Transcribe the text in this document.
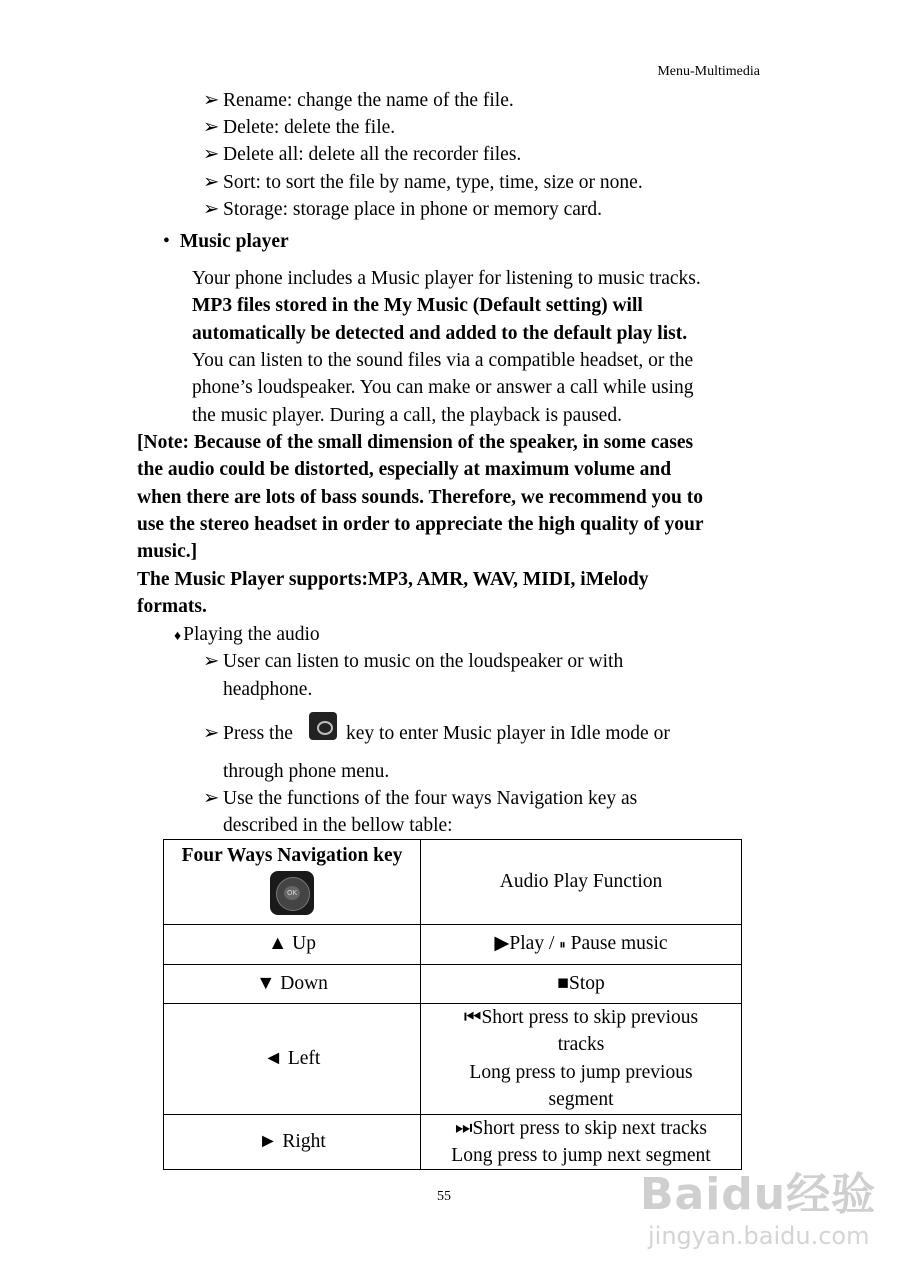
Menu-Multimedia
➢ Rename: change the name of the file.
➢ Delete: delete the file.
➢ Delete all: delete all the recorder files.
➢ Sort: to sort the file by name, type, time, size or none.
➢ Storage: storage place in phone or memory card.
• Music player
Your phone includes a Music player for listening to music tracks.
MP3 files stored in the My Music (Default setting) will
automatically be detected and added to the default play list.
You can listen to the sound files via a compatible headset, or the
phone’s loudspeaker. You can make or answer a call while using
the music player. During a call, the playback is paused.
[Note: Because of the small dimension of the speaker, in some cases
the audio could be distorted, especially at maximum volume and
when there are lots of bass sounds. Therefore, we recommend you to
use the stereo headset in order to appreciate the high quality of your
music.]
The Music Player supports:MP3, AMR, WAV, MIDI, iMelody
formats.
♦ Playing the audio
➢ User can listen to music on the loudspeaker or with
headphone.
➢ Press the	key to enter Music player in Idle mode or
through phone menu.
➢ Use the functions of the four ways Navigation key as
described in the bellow table:
Four Ways Navigation key
OK	Audio Play Function
▲ Up	▶Play / ⏸ Pause music
▼ Down	■Stop
◄ Left	⏮Short press to skip previous
tracks
Long press to jump previous
segment

► Right	⏭Short press to skip next tracks
Long press to jump next segment
55	Baidu经验
jingyan.baidu.com
